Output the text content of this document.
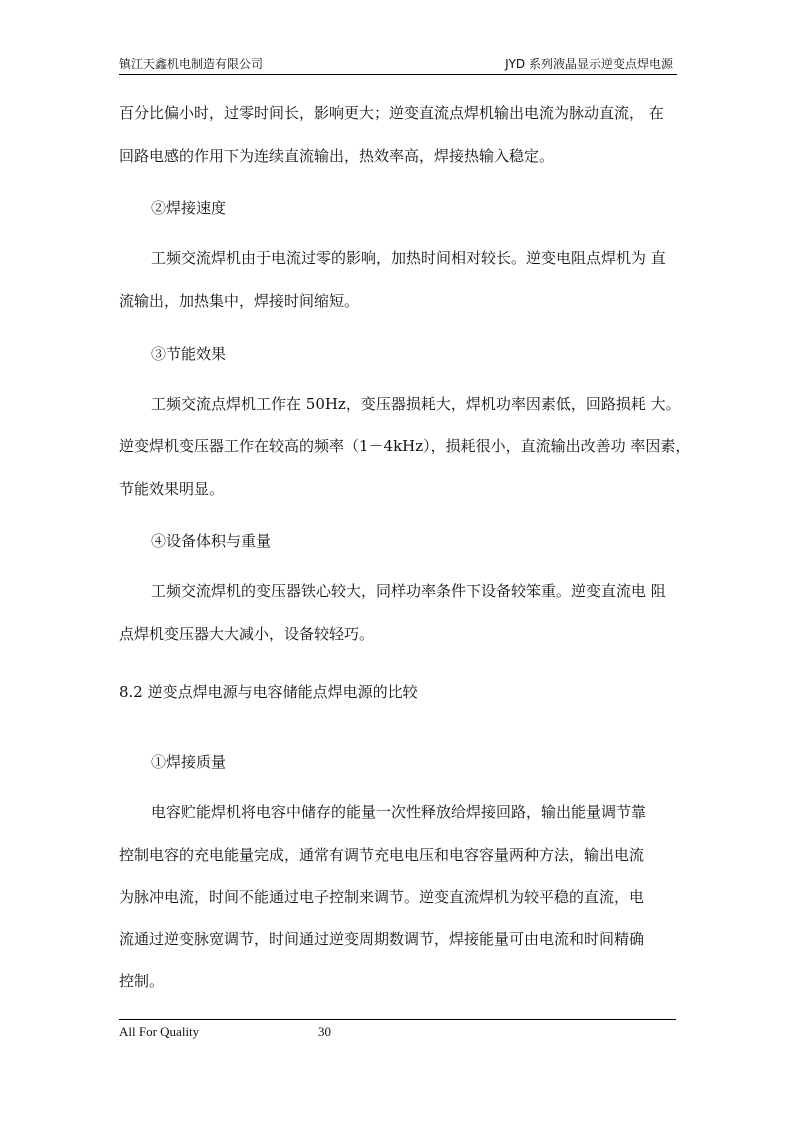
镇江天鑫机电制造有限公司	JYD 系列液晶显示逆变点焊电源
百分比偏小时，过零时间长，影响更大；逆变直流点焊机输出电流为脉动直流， 在
回路电感的作用下为连续直流输出，热效率高，焊接热输入稳定。
②焊接速度
工频交流焊机由于电流过零的影响，加热时间相对较长。逆变电阻点焊机为 直
流输出，加热集中，焊接时间缩短。
③节能效果
工频交流点焊机工作在 50Hz，变压器损耗大，焊机功率因素低，回路损耗 大。
逆变焊机变压器工作在较高的频率（1－4kHz），损耗很小，直流输出改善功 率因素，
节能效果明显。
④设备体积与重量
工频交流焊机的变压器铁心较大，同样功率条件下设备较笨重。逆变直流电 阻
点焊机变压器大大减小，设备较轻巧。
8.2 逆变点焊电源与电容储能点焊电源的比较
①焊接质量
电容贮能焊机将电容中储存的能量一次性释放给焊接回路，输出能量调节靠
控制电容的充电能量完成，通常有调节充电电压和电容容量两种方法，输出电流
为脉冲电流，时间不能通过电子控制来调节。逆变直流焊机为较平稳的直流，电
流通过逆变脉宽调节，时间通过逆变周期数调节，焊接能量可由电流和时间精确
控制。
All For Quality	30
